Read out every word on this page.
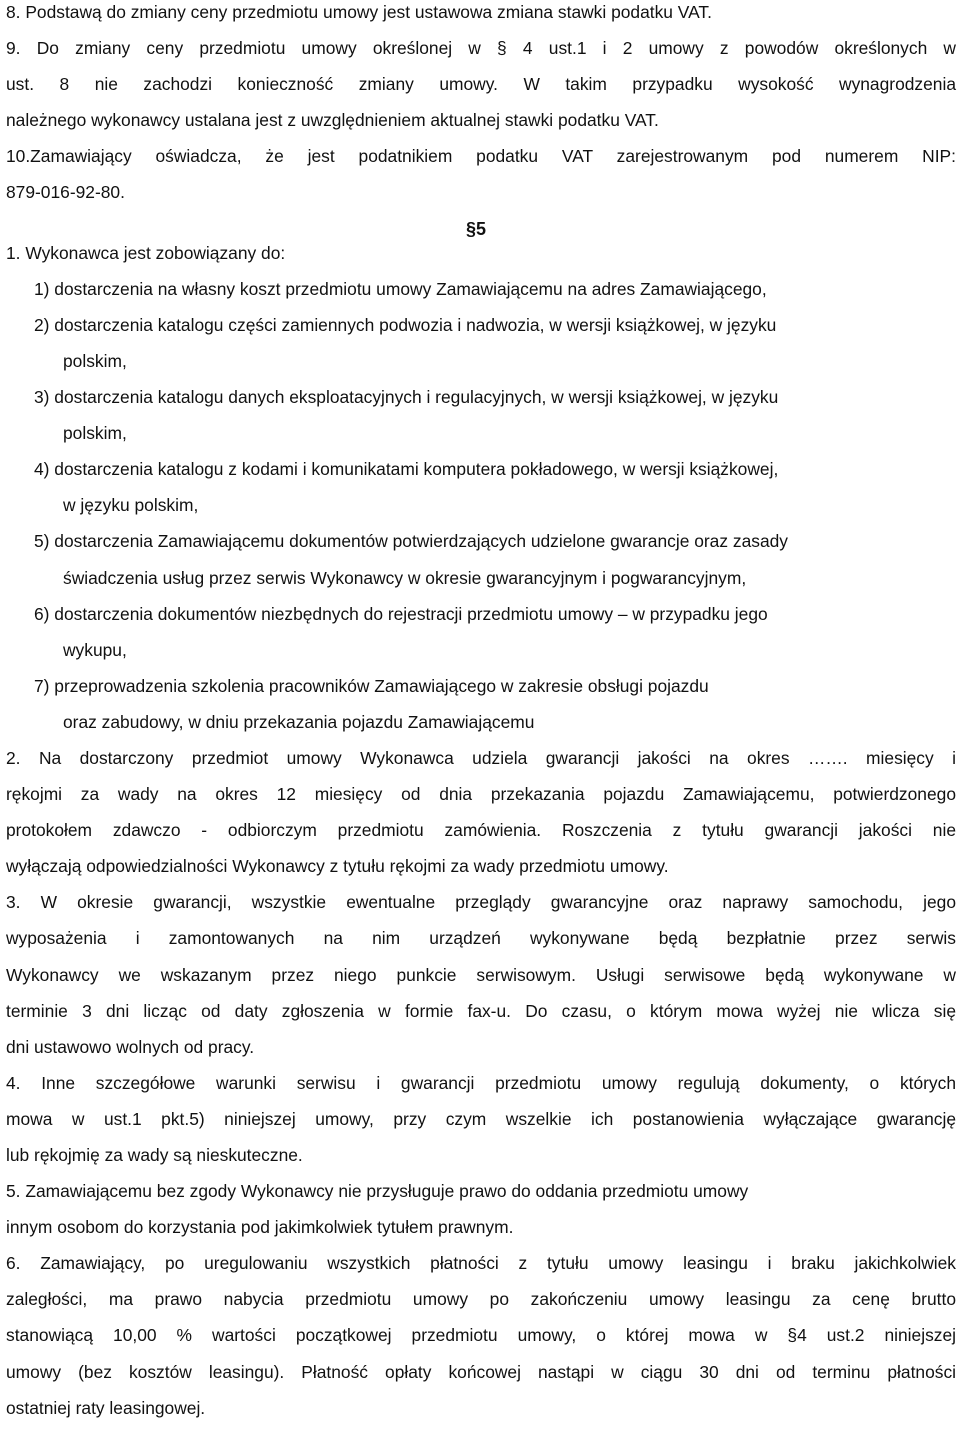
8. Podstawą do zmiany ceny przedmiotu umowy jest ustawowa zmiana stawki podatku VAT.

9. Do zmiany ceny przedmiotu umowy określonej w § 4 ust.1 i 2 umowy z powodów określonych w
ust. 8 nie zachodzi konieczność zmiany umowy. W takim przypadku wysokość wynagrodzenia
należnego wykonawcy ustalana jest z uwzględnieniem aktualnej stawki podatku VAT.

10.Zamawiający oświadcza, że jest podatnikiem podatku VAT zarejestrowanym pod numerem NIP:
879-016-92-80.

§5
1. Wykonawca jest zobowiązany do:
1) dostarczenia na własny koszt przedmiotu umowy Zamawiającemu na adres Zamawiającego,
2) dostarczenia katalogu części zamiennych podwozia i nadwozia, w wersji książkowej, w języku
polskim,
3) dostarczenia katalogu danych eksploatacyjnych i regulacyjnych, w wersji książkowej, w języku
polskim,
4) dostarczenia katalogu z kodami i komunikatami komputera pokładowego, w wersji książkowej,
w języku polskim,
5) dostarczenia Zamawiającemu dokumentów potwierdzających udzielone gwarancje oraz zasady
świadczenia usług przez serwis Wykonawcy w okresie gwarancyjnym i pogwarancyjnym,
6) dostarczenia dokumentów niezbędnych do rejestracji przedmiotu umowy – w przypadku jego
wykupu,
7) przeprowadzenia szkolenia pracowników Zamawiającego w zakresie obsługi pojazdu
oraz zabudowy, w dniu przekazania pojazdu Zamawiającemu

2. Na dostarczony przedmiot umowy Wykonawca udziela gwarancji jakości na okres ……. miesięcy i
rękojmi za wady na okres 12 miesięcy od dnia przekazania pojazdu Zamawiającemu, potwierdzonego
protokołem zdawczo - odbiorczym przedmiotu zamówienia. Roszczenia z tytułu gwarancji jakości nie
wyłączają odpowiedzialności Wykonawcy z tytułu rękojmi za wady przedmiotu umowy.

3. W okresie gwarancji, wszystkie ewentualne przeglądy gwarancyjne oraz naprawy samochodu, jego
wyposażenia i zamontowanych na nim urządzeń wykonywane będą bezpłatnie przez serwis
Wykonawcy we wskazanym przez niego punkcie serwisowym. Usługi serwisowe będą wykonywane w
terminie 3 dni licząc od daty zgłoszenia w formie fax-u. Do czasu, o którym mowa wyżej nie wlicza się
dni ustawowo wolnych od pracy.

4. Inne szczegółowe warunki serwisu i gwarancji przedmiotu umowy regulują dokumenty, o których
mowa w ust.1 pkt.5) niniejszej umowy, przy czym wszelkie ich postanowienia wyłączające gwarancję
lub rękojmię za wady są nieskuteczne.

5. Zamawiającemu bez zgody Wykonawcy nie przysługuje prawo do oddania przedmiotu umowy
innym osobom do korzystania pod jakimkolwiek tytułem prawnym.

6. Zamawiający, po uregulowaniu wszystkich płatności z tytułu umowy leasingu i braku jakichkolwiek
zaległości, ma prawo nabycia przedmiotu umowy po zakończeniu umowy leasingu za cenę brutto
stanowiącą 10,00 % wartości początkowej przedmiotu umowy, o której mowa w §4 ust.2 niniejszej
umowy (bez kosztów leasingu). Płatność opłaty końcowej nastąpi w ciągu 30 dni od terminu płatności
ostatniej raty leasingowej.
